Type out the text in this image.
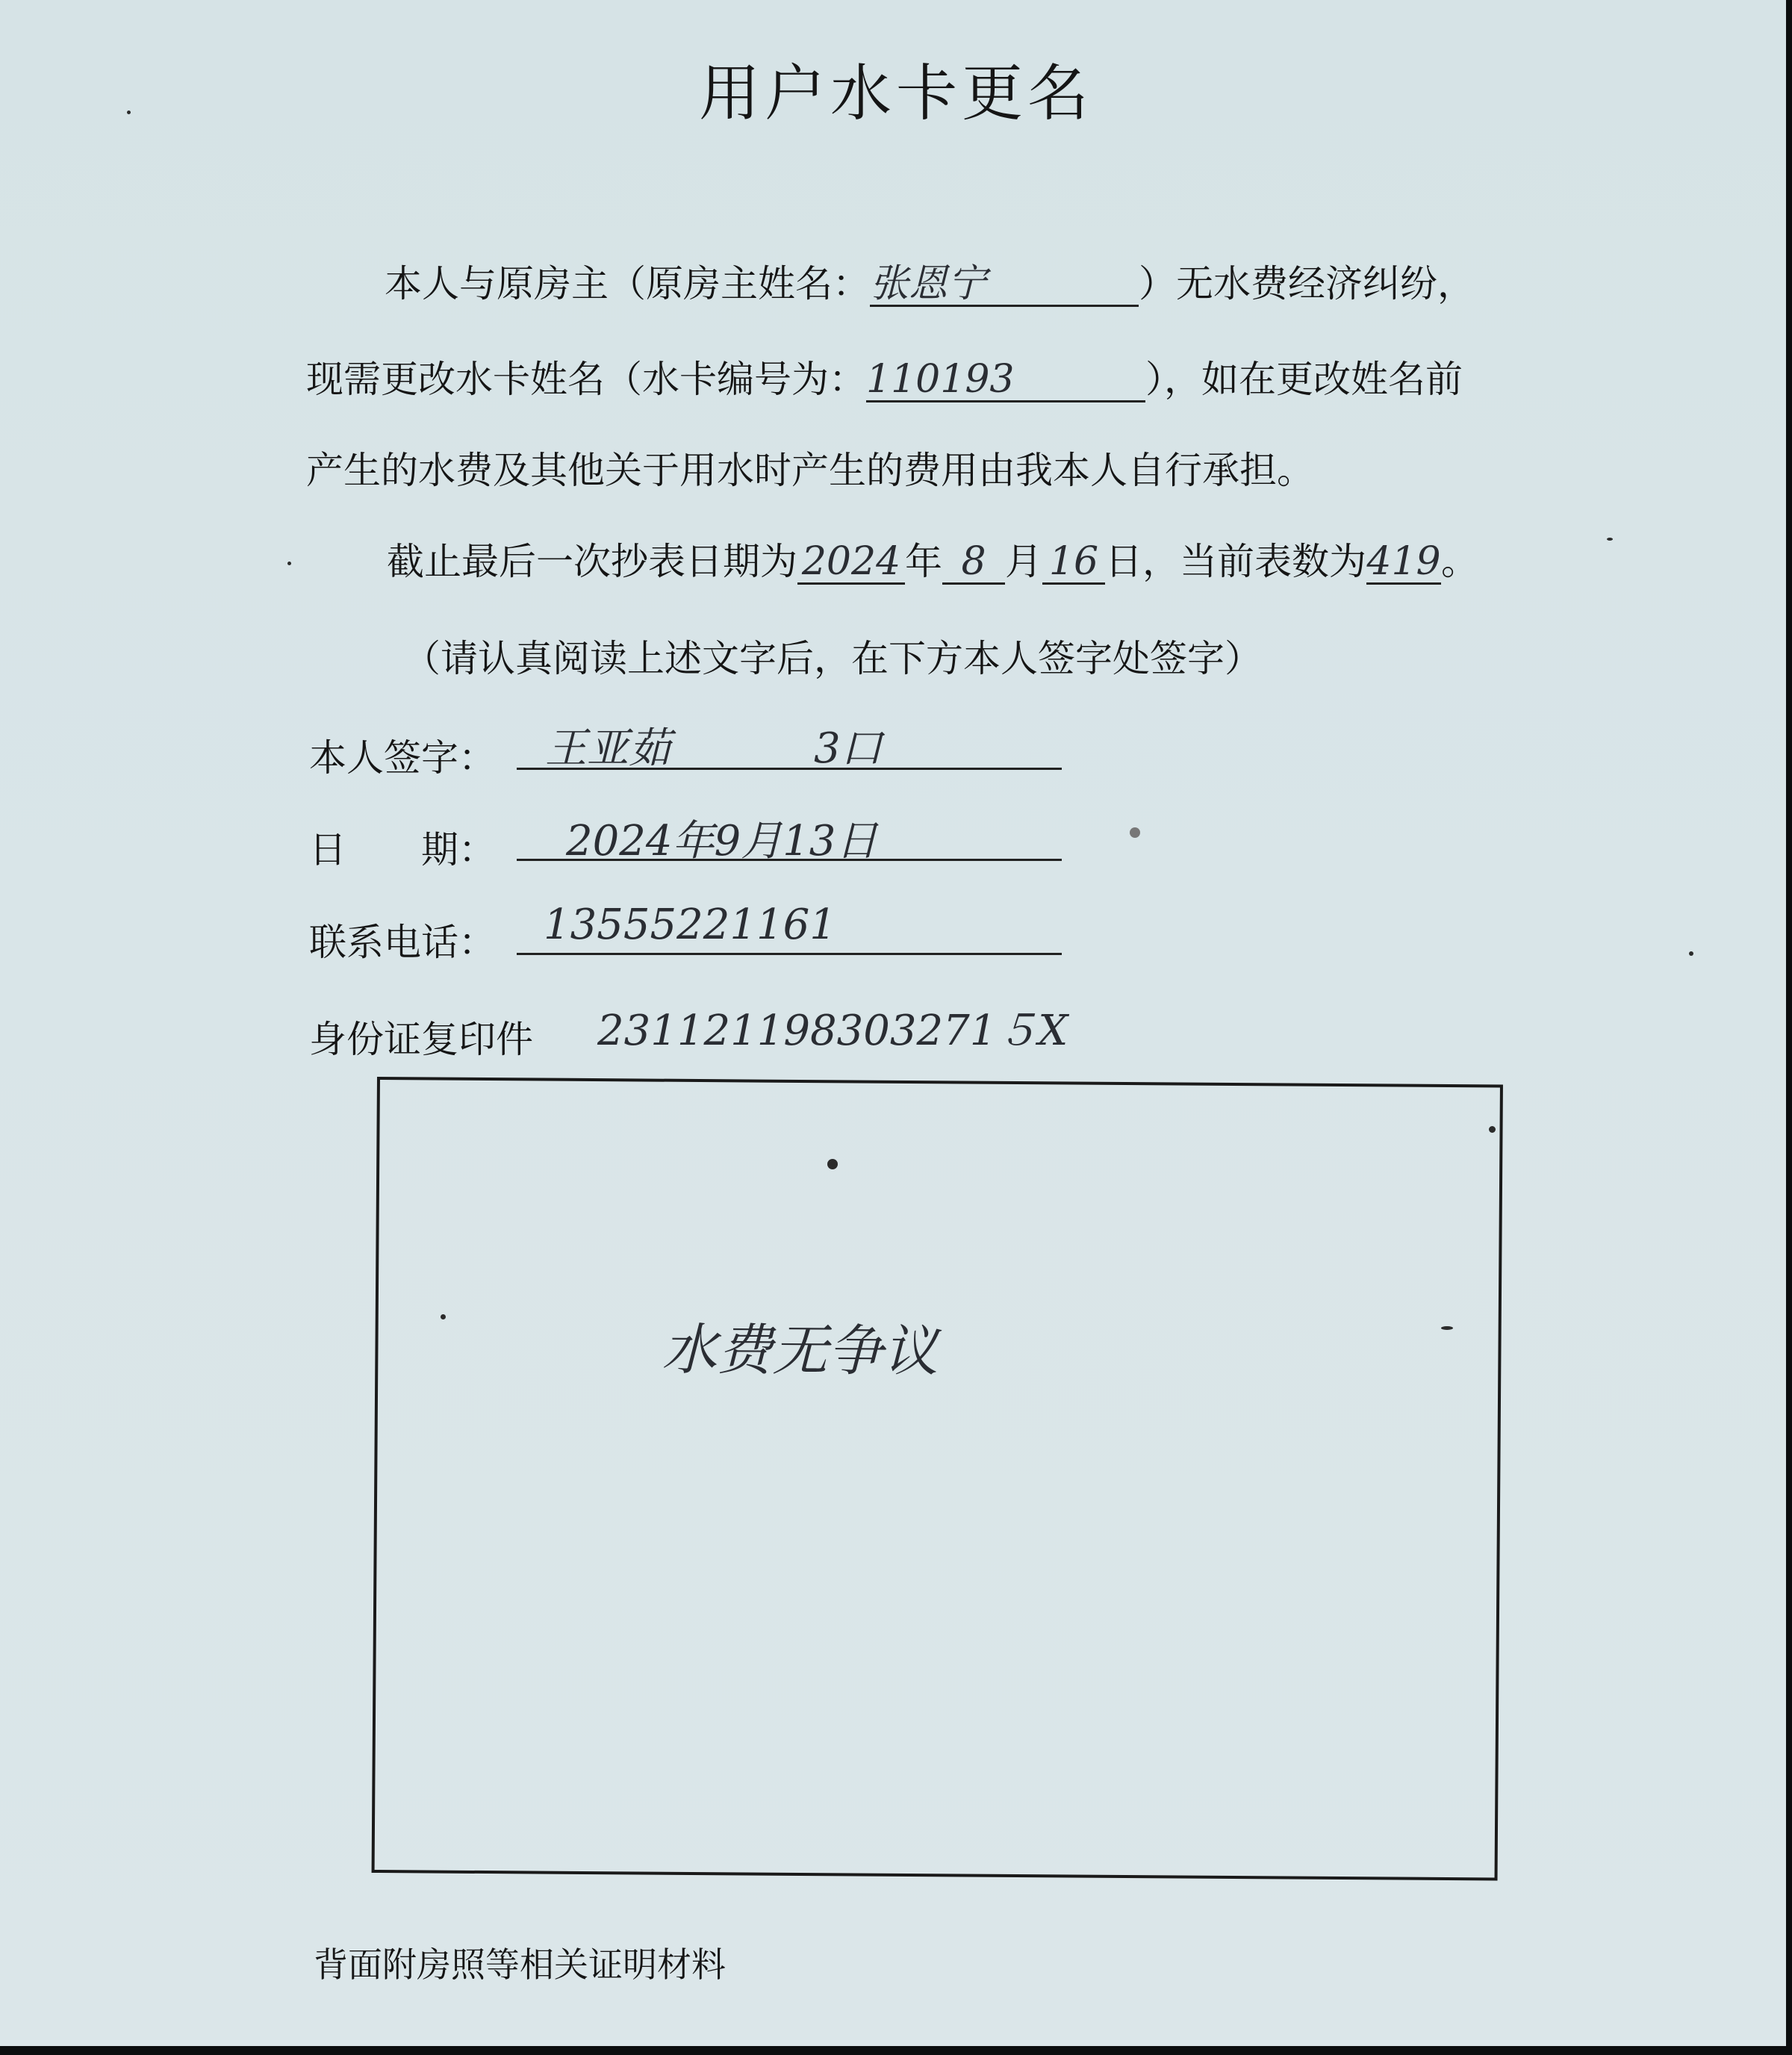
用户水卡更名
本人与原房主（原房主姓名：张恩宁	）无水费经济纠纷，
现需更改水卡姓名（水卡编号为：110193	），如在更改姓名前
产生的水费及其他关于用水时产生的费用由我本人自行承担。
截止最后一次抄表日期为 2024 年 8 月 16 日，当前表数为419。
（请认真阅读上述文字后，在下方本人签字处签字）
本人签字： 王亚茹	3口
日　　期： 2024年9月13日
联系电话： 13555221161
身份证复印件 231121198303271５X
水费无争议
背面附房照等相关证明材料
